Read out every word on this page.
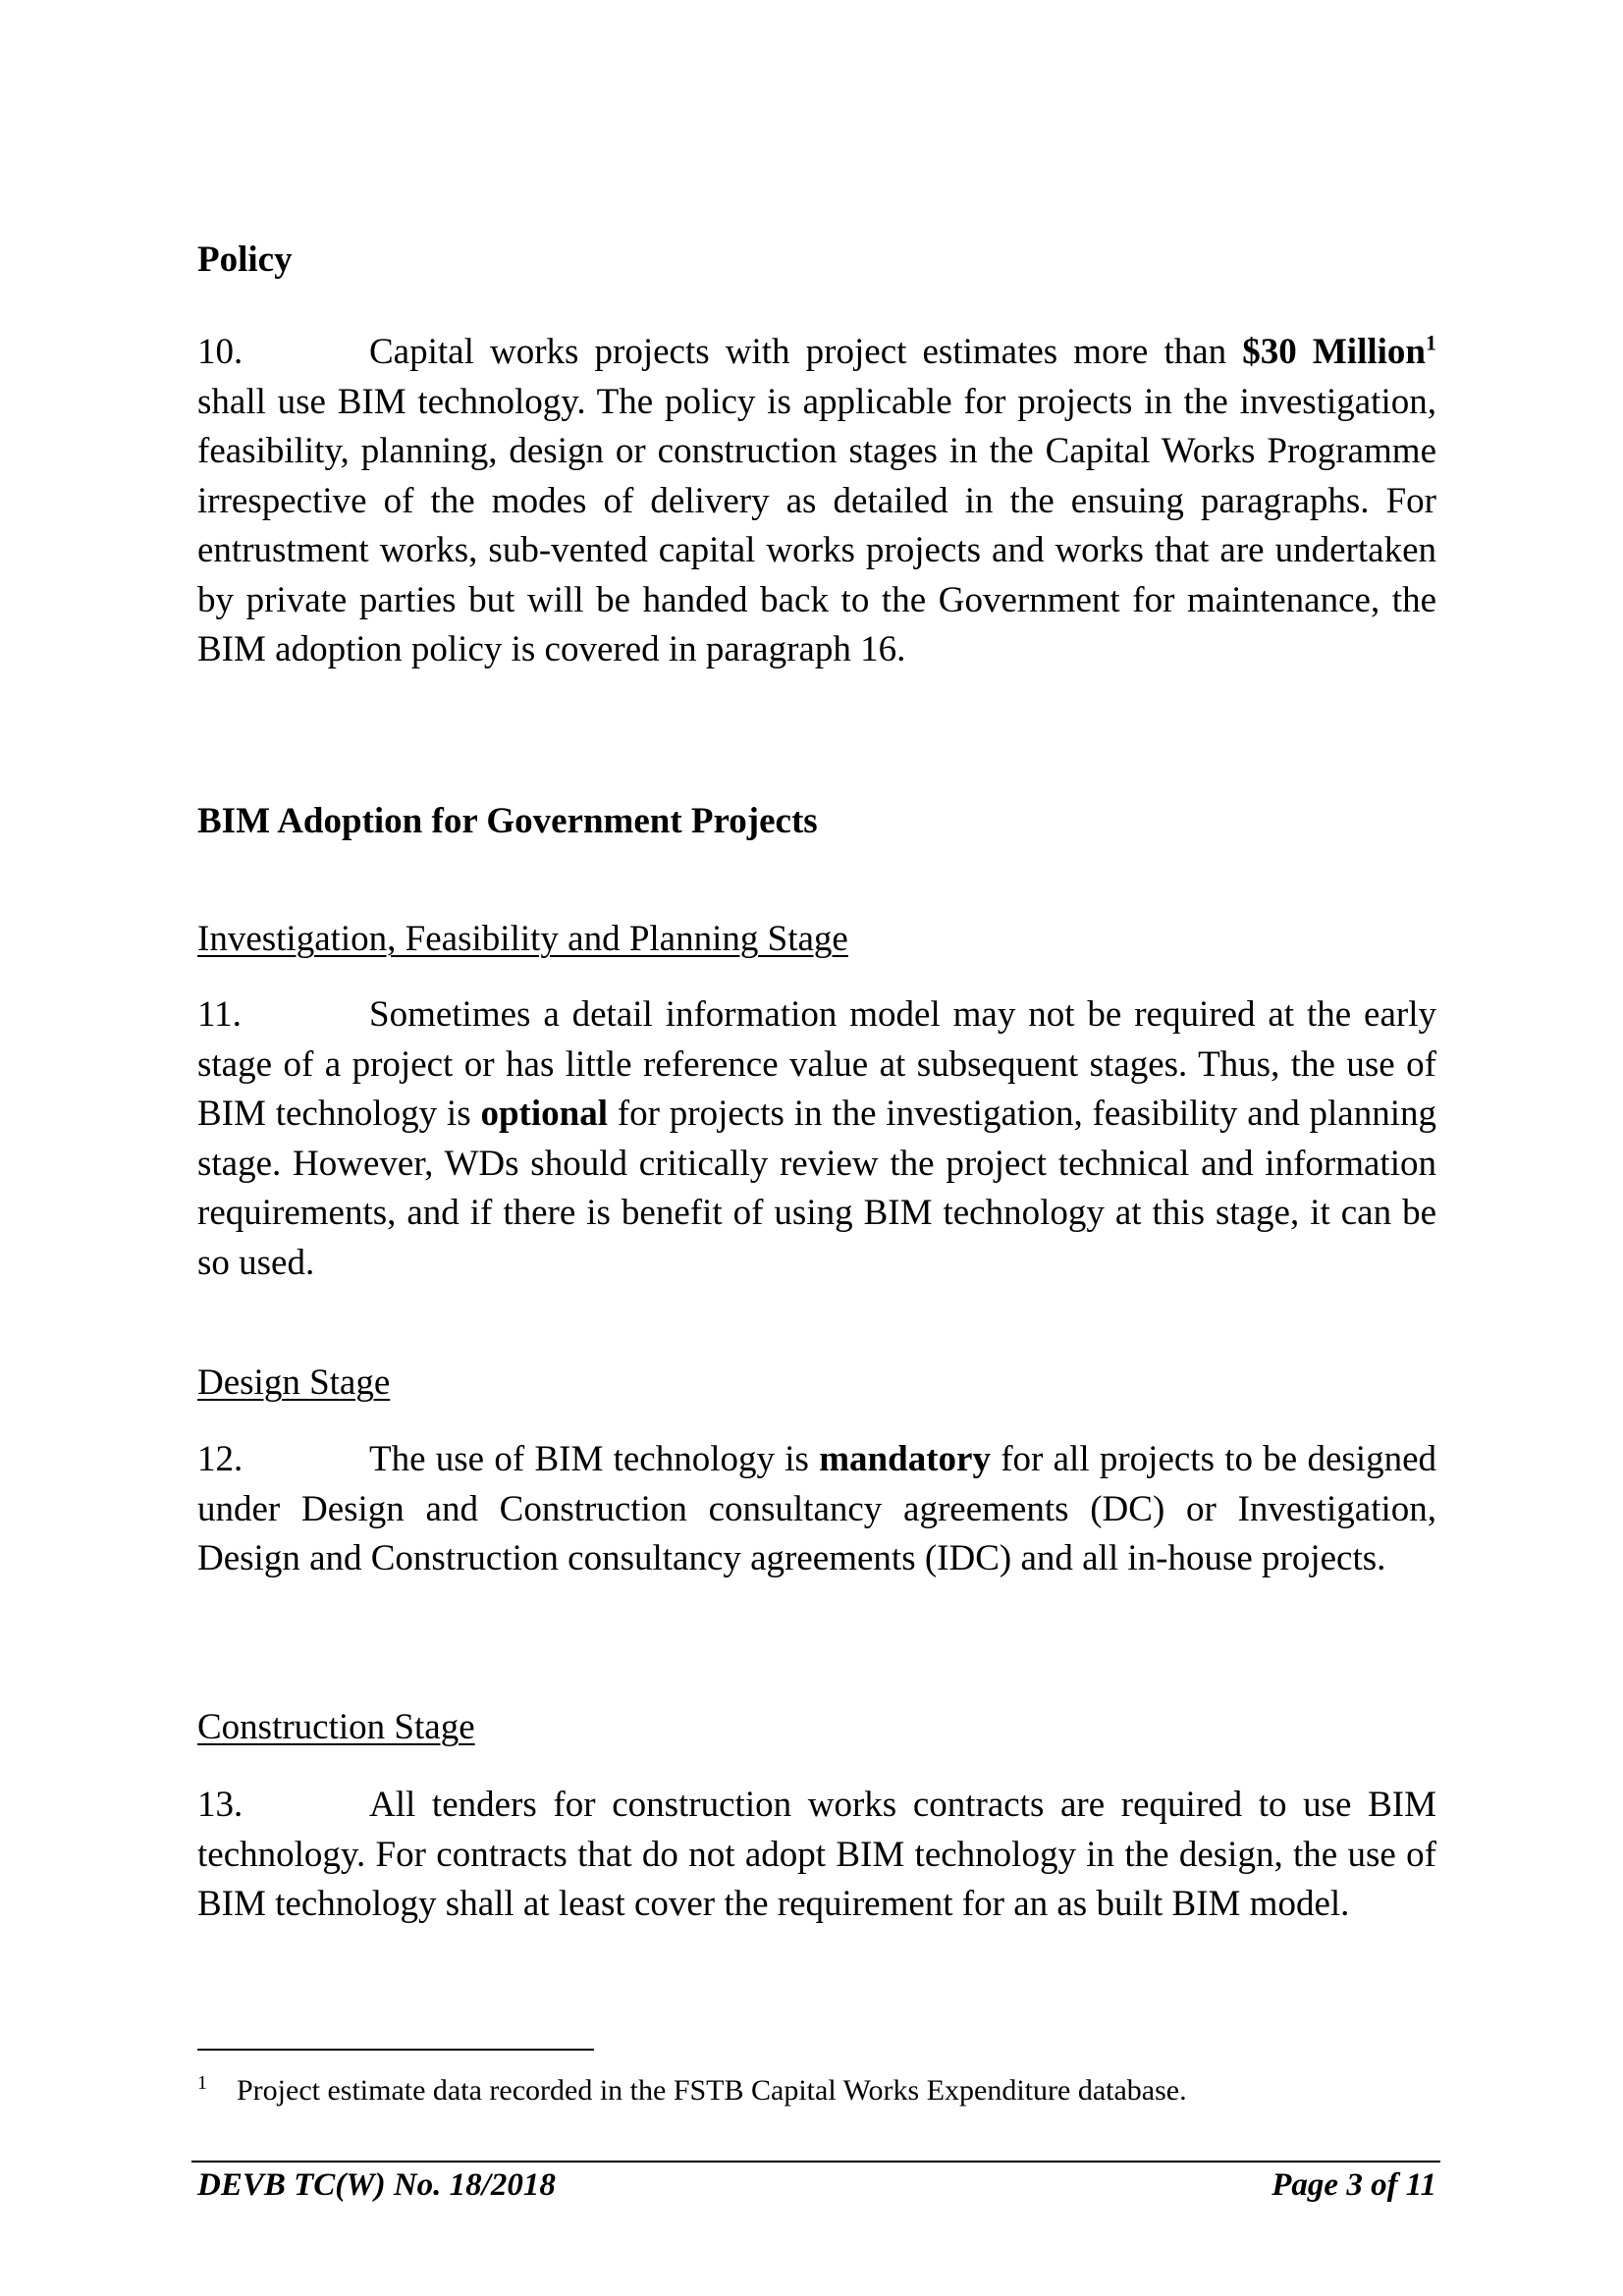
Policy

10.	Capital works projects with project estimates more than $30 Million$^1$ shall use BIM technology. The policy is applicable for projects in the investigation, feasibility, planning, design or construction stages in the Capital Works Programme irrespective of the modes of delivery as detailed in the ensuing paragraphs. For entrustment works, sub-vented capital works projects and works that are undertaken by private parties but will be handed back to the Government for maintenance, the BIM adoption policy is covered in paragraph 16.

BIM Adoption for Government Projects
Investigation, Feasibility and Planning Stage

11.	Sometimes a detail information model may not be required at the early stage of a project or has little reference value at subsequent stages. Thus, the use of BIM technology is optional for projects in the investigation, feasibility and planning stage. However, WDs should critically review the project technical and information requirements, and if there is benefit of using BIM technology at this stage, it can be so used.

Design Stage

12.	The use of BIM technology is mandatory for all projects to be designed under Design and Construction consultancy agreements (DC) or Investigation, Design and Construction consultancy agreements (IDC) and all in-house projects.

Construction Stage

13.	All tenders for construction works contracts are required to use BIM technology. For contracts that do not adopt BIM technology in the design, the use of BIM technology shall at least cover the requirement for an as built BIM model.

1 Project estimate data recorded in the FSTB Capital Works Expenditure database.

DEVB TC(W) No. 18/2018	Page 3 of 11
